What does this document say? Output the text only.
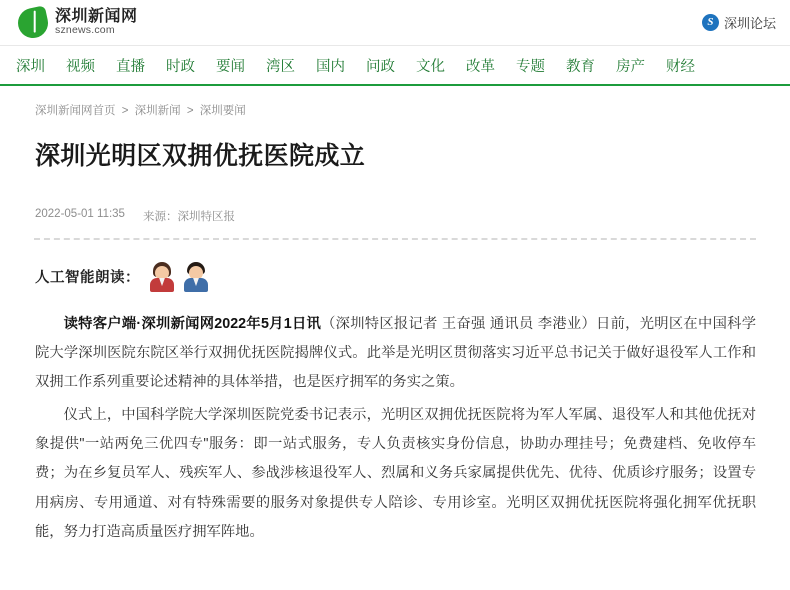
深圳新闻网
sznews.com S	深圳论坛
深圳 视频 直播 时政 要闻 湾区 国内 问政 文化 改革 专题 教育 房产 财经
深圳新闻网首页 > 深圳新闻 > 深圳要闻
深圳光明区双拥优抚医院成立
2022-05-01 11:35 来源：深圳特区报
人工智能朗读：

读特客户端·深圳新闻网2022年5月1日讯（深圳特区报记者 王奋强 通讯员 李港业）日前，光明区在中国科学院大学深圳医院东院区举行双拥优抚医院揭牌仪式。此举是光明区贯彻落实习近平总书记关于做好退役军人工作和双拥工作系列重要论述精神的具体举措，也是医疗拥军的务实之策。

仪式上，中国科学院大学深圳医院党委书记表示，光明区双拥优抚医院将为军人军属、退役军人和其他优抚对象提供"一站两免三优四专"服务：即一站式服务，专人负责核实身份信息，协助办理挂号；免费建档、免收停车费；为在乡复员军人、残疾军人、参战涉核退役军人、烈属和义务兵家属提供优先、优待、优质诊疗服务；设置专用病房、专用通道、对有特殊需要的服务对象提供专人陪诊、专用诊室。光明区双拥优抚医院将强化拥军优抚职能，努力打造高质量医疗拥军阵地。
